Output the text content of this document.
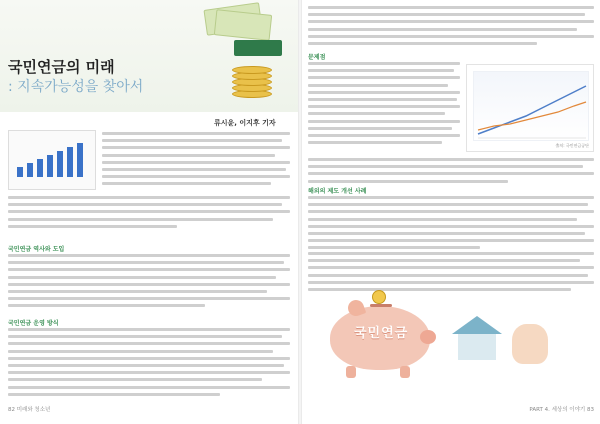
국민연금의 미래
: 지속가능성을 찾아서
류시윤, 이지후 기자
국민연금 역사와 도입
국민연금 운영 방식
82 미래와 청소년
문제점
출처: 국민연금공단
해외의 제도 개선 사례
국민연금
PART 4. 세상의 이야기 83
